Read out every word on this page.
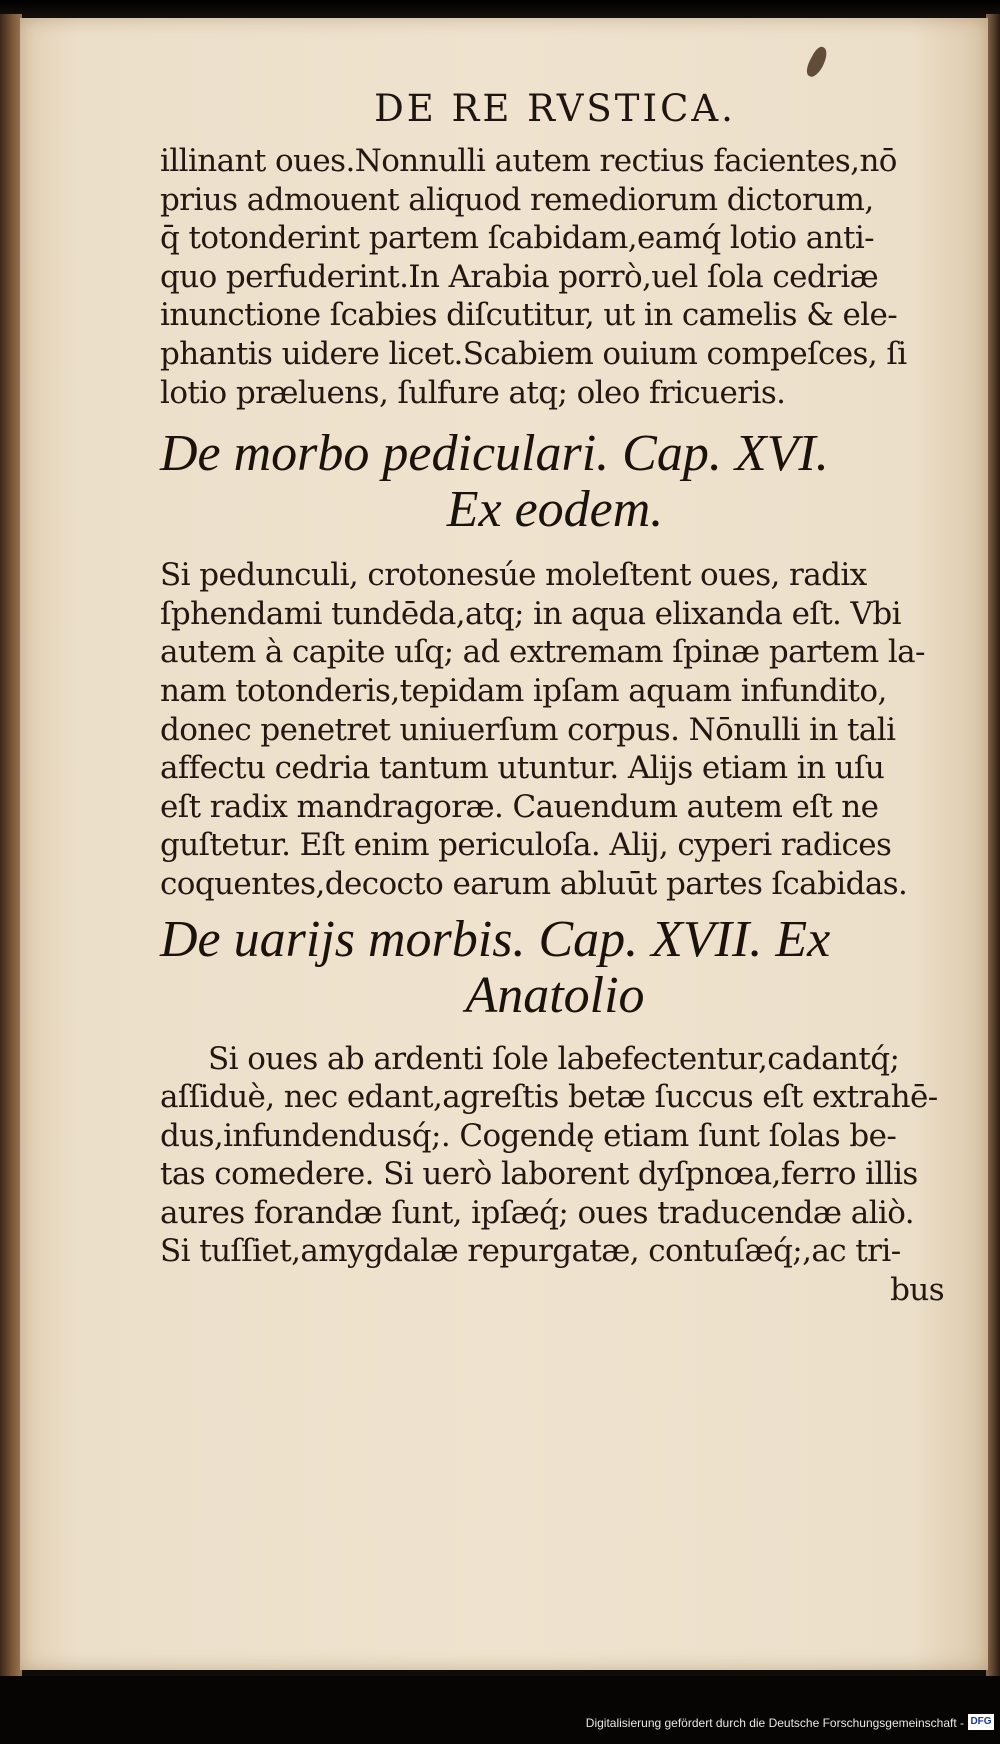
DE RE RVSTICA.
illinant oues.Nonnulli autem rectius facientes,nō
prius admouent aliquod remediorum dictorum,
q̄ totonderint partem ſcabidam,eamq́ lotio anti-
quo perfuderint.In Arabia porrò,uel ſola cedriæ
inunctione ſcabies diſcutitur, ut in camelis & ele-
phantis uidere licet.Scabiem ouium compeſces, ſi
lotio præluens, ſulfure atq; oleo fricueris.
De morbo pediculari. Cap. XVI.
Ex eodem.
Si pedunculi, crotonesúe moleſtent oues, radix
ſphendami tundēda,atq; in aqua elixanda eſt. Vbi
autem à capite uſq; ad extremam ſpinæ partem la-
nam totonderis,tepidam ipſam aquam infundito,
donec penetret uniuerſum corpus. Nōnulli in tali
affectu cedria tantum utuntur. Alijs etiam in uſu
eſt radix mandragoræ. Cauendum autem eſt ne
guſtetur. Eſt enim periculoſa. Alij, cyperi radices
coquentes,decocto earum abluūt partes ſcabidas.
De uarijs morbis. Cap. XVII. Ex
Anatolio
Si oues ab ardenti ſole labefectentur,cadantq́;
aſſiduè, nec edant,agreſtis betæ ſuccus eſt extrahē-
dus,infundendusq́;. Cogendę etiam ſunt ſolas be-
tas comedere. Si uerò laborent dyſpnœa,ferro illis
aures forandæ ſunt, ipſæq́; oues traducendæ aliò.
Si tuſſiet,amygdalæ repurgatæ, contuſæq́;,ac tri-
bus
Digitalisierung gefördert durch die Deutsche Forschungsgemeinschaft - DFG
